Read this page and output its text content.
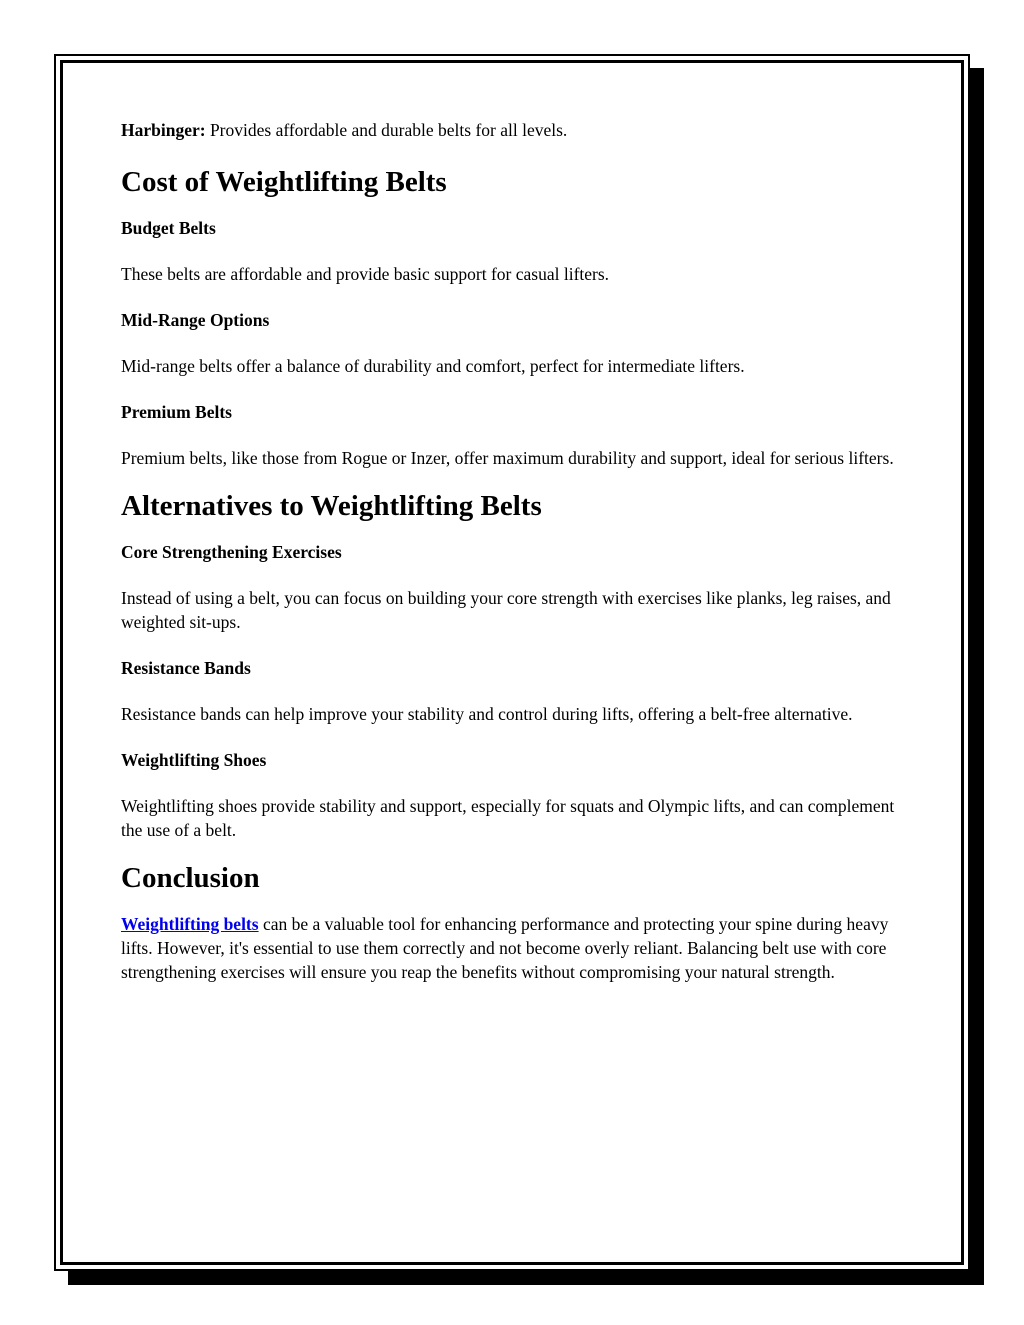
Harbinger: Provides affordable and durable belts for all levels.

Cost of Weightlifting Belts
Budget Belts

These belts are affordable and provide basic support for casual lifters.

Mid-Range Options

Mid-range belts offer a balance of durability and comfort, perfect for intermediate lifters.

Premium Belts

Premium belts, like those from Rogue or Inzer, offer maximum durability and support, ideal for serious lifters.

Alternatives to Weightlifting Belts
Core Strengthening Exercises

Instead of using a belt, you can focus on building your core strength with exercises like planks, leg raises, and weighted sit-ups.

Resistance Bands

Resistance bands can help improve your stability and control during lifts, offering a belt-free alternative.

Weightlifting Shoes

Weightlifting shoes provide stability and support, especially for squats and Olympic lifts, and can complement the use of a belt.

Conclusion

Weightlifting belts can be a valuable tool for enhancing performance and protecting your spine during heavy lifts. However, it's essential to use them correctly and not become overly reliant. Balancing belt use with core strengthening exercises will ensure you reap the benefits without compromising your natural strength.
